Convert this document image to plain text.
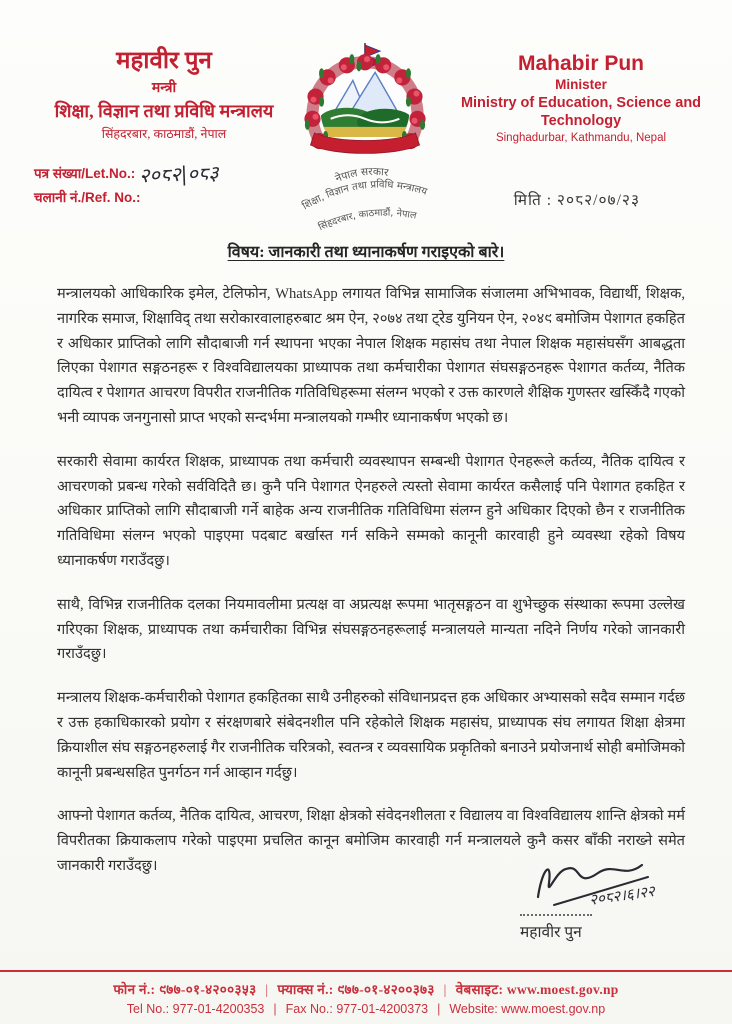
महावीर पुन
मन्त्री
शिक्षा, विज्ञान तथा प्रविधि मन्त्रालय
सिंहदरबार, काठमाडौं, नेपाल
नेपाल सरकार
शिक्षा, विज्ञान तथा प्रविधि मन्त्रालय
सिंहदरबार, काठमाडौं, नेपाल
Mahabir Pun
Minister
Ministry of Education, Science and Technology
Singhadurbar, Kathmandu, Nepal
पत्र संख्या/Let.No.: २०८२|०८३
चलानी नं./Ref. No.:	मिति : २०८२/०७/२३
विषय: जानकारी तथा ध्यानाकर्षण गराइएको बारे।

मन्त्रालयको आधिकारिक इमेल, टेलिफोन, WhatsApp लगायत विभिन्न सामाजिक संजालमा अभिभावक, विद्यार्थी, शिक्षक, नागरिक समाज, शिक्षाविद् तथा सरोकारवालाहरुबाट श्रम ऐन, २०७४ तथा ट्रेड युनियन ऐन, २०४९ बमोजिम पेशागत हकहित र अधिकार प्राप्तिको लागि सौदाबाजी गर्न स्थापना भएका नेपाल शिक्षक महासंघ तथा नेपाल शिक्षक महासंघसँग आबद्धता लिएका पेशागत सङ्गठनहरू र विश्वविद्यालयका प्राध्यापक तथा कर्मचारीका पेशागत संघसङ्गठनहरू पेशागत कर्तव्य, नैतिक दायित्व र पेशागत आचरण विपरीत राजनीतिक गतिविधिहरूमा संलग्न भएको र उक्त कारणले शैक्षिक गुणस्तर खस्किँदै गएको भनी व्यापक जनगुनासो प्राप्त भएको सन्दर्भमा मन्त्रालयको गम्भीर ध्यानाकर्षण भएको छ।

सरकारी सेवामा कार्यरत शिक्षक, प्राध्यापक तथा कर्मचारी व्यवस्थापन सम्बन्धी पेशागत ऐनहरूले कर्तव्य, नैतिक दायित्व र आचरणको प्रबन्ध गरेको सर्वविदितै छ। कुनै पनि पेशागत ऐनहरुले त्यस्तो सेवामा कार्यरत कसैलाई पनि पेशागत हकहित र अधिकार प्राप्तिको लागि सौदाबाजी गर्ने बाहेक अन्य राजनीतिक गतिविधिमा संलग्न हुने अधिकार दिएको छैन र राजनीतिक गतिविधिमा संलग्न भएको पाइएमा पदबाट बर्खास्त गर्न सकिने सम्मको कानूनी कारवाही हुने व्यवस्था रहेको विषय ध्यानाकर्षण गराउँदछु।

साथै, विभिन्न राजनीतिक दलका नियमावलीमा प्रत्यक्ष वा अप्रत्यक्ष रूपमा भातृसङ्गठन वा शुभेच्छुक संस्थाका रूपमा उल्लेख गरिएका शिक्षक, प्राध्यापक तथा कर्मचारीका विभिन्न संघसङ्गठनहरूलाई मन्त्रालयले मान्यता नदिने निर्णय गरेको जानकारी गराउँदछु।

मन्त्रालय शिक्षक-कर्मचारीको पेशागत हकहितका साथै उनीहरुको संविधानप्रदत्त हक अधिकार अभ्यासको सदैव सम्मान गर्दछ र उक्त हकाधिकारको प्रयोग र संरक्षणबारे संबेदनशील पनि रहेकोले शिक्षक महासंघ, प्राध्यापक संघ लगायत शिक्षा क्षेत्रमा क्रियाशील संघ सङ्गठनहरुलाई गैर राजनीतिक चरित्रको, स्वतन्त्र र व्यवसायिक प्रकृतिको बनाउने प्रयोजनार्थ सोही बमोजिमको कानूनी प्रबन्धसहित पुनर्गठन गर्न आव्हान गर्दछु।

आफ्नो पेशागत कर्तव्य, नैतिक दायित्व, आचरण, शिक्षा क्षेत्रको संवेदनशीलता र विद्यालय वा विश्वविद्यालय शान्ति क्षेत्रको मर्म विपरीतका क्रियाकलाप गरेको पाइएमा प्रचलित कानून बमोजिम कारवाही गर्न मन्त्रालयले कुनै कसर बाँकी नराख्ने समेत जानकारी गराउँदछु।

२०८२।६।२२
महावीर पुन
फोन नं.: ९७७-०१-४२००३५३ | फ्याक्स नं.: ९७७-०१-४२००३७३ | वेबसाइट: www.moest.gov.np
Tel No.: 977-01-4200353 | Fax No.: 977-01-4200373 | Website: www.moest.gov.np
